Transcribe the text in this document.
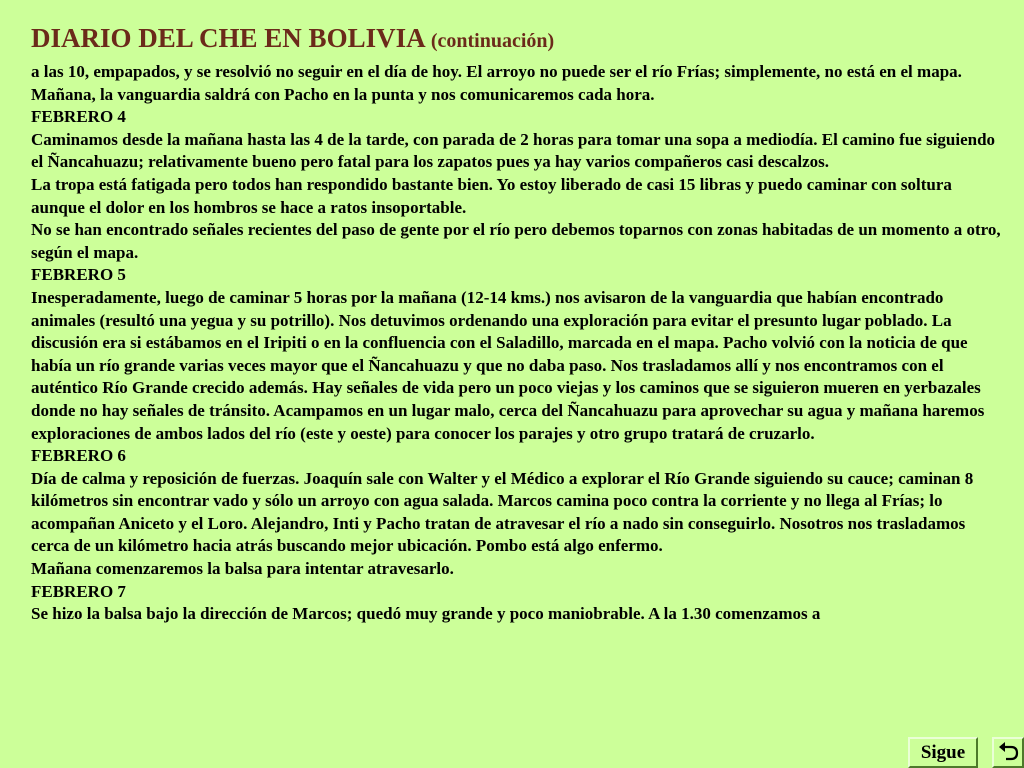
DIARIO DEL CHE EN BOLIVIA (continuación)

a las 10, empapados, y se resolvió no seguir en el día de hoy. El arroyo no puede ser el río Frías; simplemente, no está en el mapa.

Mañana, la vanguardia saldrá con Pacho en la punta y nos comunicaremos cada hora.

FEBRERO 4

Caminamos desde la mañana hasta las 4 de la tarde, con parada de 2 horas para tomar una sopa a mediodía. El camino fue siguiendo el Ñancahuazu; relativamente bueno pero fatal para los zapatos pues ya hay varios compañeros casi descalzos.

La tropa está fatigada pero todos han respondido bastante bien. Yo estoy liberado de casi 15 libras y puedo caminar con soltura aunque el dolor en los hombros se hace a ratos insoportable.

No se han encontrado señales recientes del paso de gente por el río pero debemos toparnos con zonas habitadas de un momento a otro, según el mapa.

FEBRERO 5

Inesperadamente, luego de caminar 5 horas por la mañana (12-14 kms.) nos avisaron de la vanguardia que habían encontrado animales (resultó una yegua y su potrillo). Nos detuvimos ordenando una exploración para evitar el presunto lugar poblado. La discusión era si estábamos en el Iripiti o en la confluencia con el Saladillo, marcada en el mapa. Pacho volvió con la noticia de que había un río grande varias veces mayor que el Ñancahuazu y que no daba paso. Nos trasladamos allí y nos encontramos con el auténtico Río Grande crecido además. Hay señales de vida pero un poco viejas y los caminos que se siguieron mueren en yerbazales donde no hay señales de tránsito. Acampamos en un lugar malo, cerca del Ñancahuazu para aprovechar su agua y mañana haremos exploraciones de ambos lados del río (este y oeste) para conocer los parajes y otro grupo tratará de cruzarlo.

FEBRERO 6

Día de calma y reposición de fuerzas. Joaquín sale con Walter y el Médico a explorar el Río Grande siguiendo su cauce; caminan 8 kilómetros sin encontrar vado y sólo un arroyo con agua salada. Marcos camina poco contra la corriente y no llega al Frías; lo acompañan Aniceto y el Loro. Alejandro, Inti y Pacho tratan de atravesar el río a nado sin conseguirlo. Nosotros nos trasladamos cerca de un kilómetro hacia atrás buscando mejor ubicación. Pombo está algo enfermo.

Mañana comenzaremos la balsa para intentar atravesarlo.

FEBRERO 7

Se hizo la balsa bajo la dirección de Marcos; quedó muy grande y poco maniobrable. A la 1.30 comenzamos a

Sigue
